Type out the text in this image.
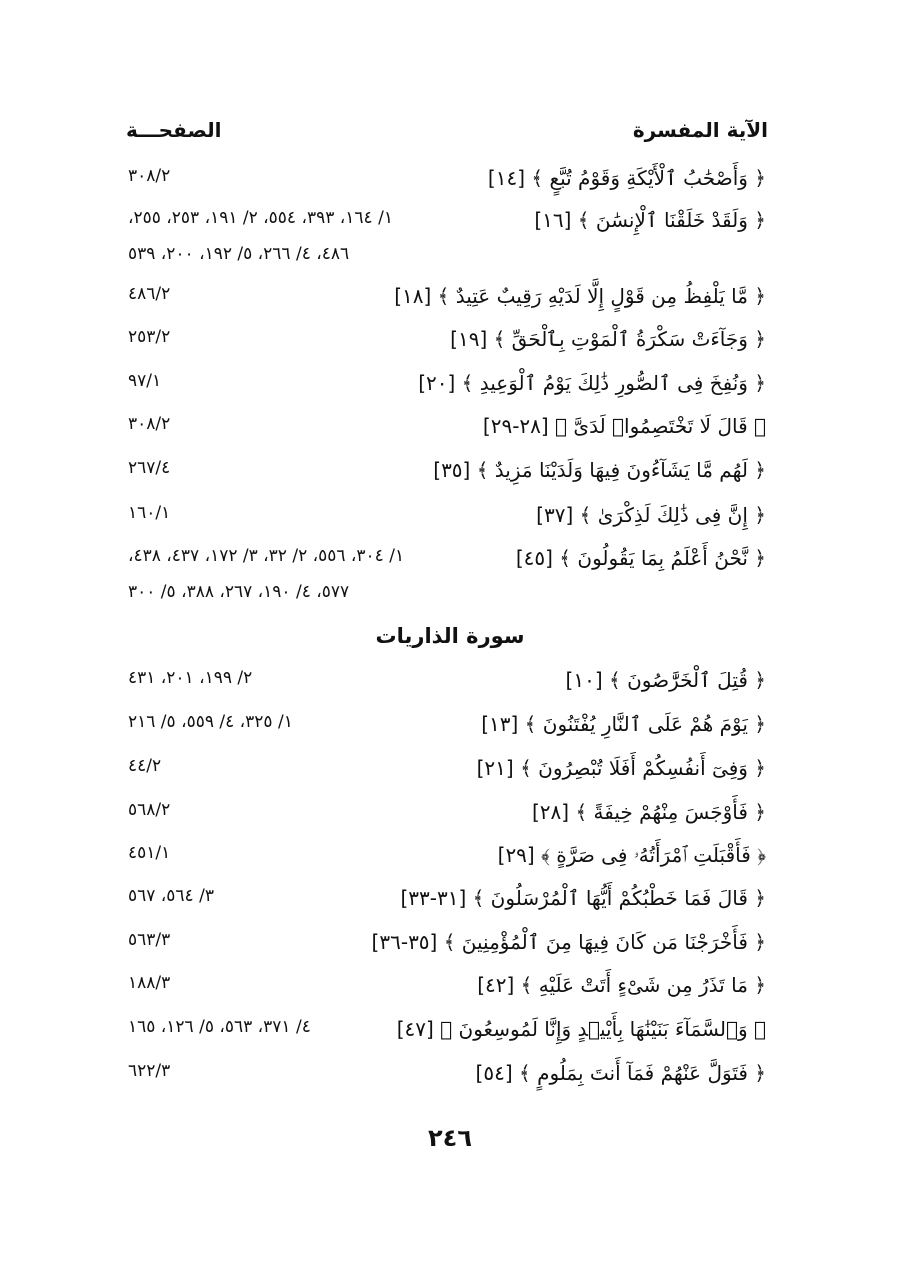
الآية المفسرة
الصفحـــة
﴿ وَأَصْحَٰبُ ٱلْأَيْكَةِ وَقَوْمُ تُبَّعٍ ﴾ [١٤]
٣٠٨/٢
﴿ وَلَقَدْ خَلَقْنَا ٱلْإِنسَٰنَ ﴾ [١٦]
١/ ١٦٤، ٣٩٣، ٥٥٤، ٢/ ١٩١، ٢٥٣، ٢٥٥،
٤٨٦، ٤/ ٢٦٦، ٥/ ١٩٢، ٢٠٠، ٥٣٩
﴿ مَّا يَلْفِظُ مِن قَوْلٍ إِلَّا لَدَيْهِ رَقِيبٌ عَتِيدٌ ﴾ [١٨]
٤٨٦/٢
﴿ وَجَآءَتْ سَكْرَةُ ٱلْمَوْتِ بِٱلْحَقِّ ﴾ [١٩]
٢٥٣/٢
﴿ وَنُفِخَ فِى ٱلصُّورِ ذَٰلِكَ يَوْمُ ٱلْوَعِيدِ ﴾ [٢٠]
٩٧/١
﴿ قَالَ لَا تَخْتَصِمُوا۟ لَدَىَّ ﴾ [٢٨-٢٩]
٣٠٨/٢
﴿ لَهُم مَّا يَشَآءُونَ فِيهَا وَلَدَيْنَا مَزِيدٌ ﴾ [٣٥]
٢٦٧/٤
﴿ إِنَّ فِى ذَٰلِكَ لَذِكْرَىٰ ﴾ [٣٧]
١٦٠/١
﴿ نَّحْنُ أَعْلَمُ بِمَا يَقُولُونَ ﴾ [٤٥]
١/ ٣٠٤، ٥٥٦، ٢/ ٣٢، ٣/ ١٧٢، ٤٣٧، ٤٣٨،
٥٧٧، ٤/ ١٩٠، ٢٦٧، ٣٨٨، ٥/ ٣٠٠
سورة الذاريات
﴿ قُتِلَ ٱلْخَرَّٰصُونَ ﴾ [١٠]
٢/ ١٩٩، ٢٠١، ٤٣١
﴿ يَوْمَ هُمْ عَلَى ٱلنَّارِ يُفْتَنُونَ ﴾ [١٣]
١/ ٣٢٥، ٤/ ٥٥٩، ٥/ ٢١٦
﴿ وَفِىٓ أَنفُسِكُمْ أَفَلَا تُبْصِرُونَ ﴾ [٢١]
٤٤/٢
﴿ فَأَوْجَسَ مِنْهُمْ خِيفَةً ﴾ [٢٨]
٥٦٨/٢
﴿ فَأَقْبَلَتِ ٱمْرَأَتُهُۥ فِى صَرَّةٍ ﴾ [٢٩]
٤٥١/١
﴿ قَالَ فَمَا خَطْبُكُمْ أَيُّهَا ٱلْمُرْسَلُونَ ﴾ [٣١-٣٣]
٣/ ٥٦٤، ٥٦٧
﴿ فَأَخْرَجْنَا مَن كَانَ فِيهَا مِنَ ٱلْمُؤْمِنِينَ ﴾ [٣٥-٣٦]
٥٦٣/٣
﴿ مَا تَذَرُ مِن شَىْءٍ أَتَتْ عَلَيْهِ ﴾ [٤٢]
١٨٨/٣
﴿ وَٱلسَّمَآءَ بَنَيْنَٰهَا بِأَيْي۟دٍ وَإِنَّا لَمُوسِعُونَ ﴾ [٤٧]
٤/ ٣٧١، ٥٦٣، ٥/ ١٢٦، ١٦٥
﴿ فَتَوَلَّ عَنْهُمْ فَمَآ أَنتَ بِمَلُومٍ ﴾ [٥٤]
٦٢٢/٣
٢٤٦
